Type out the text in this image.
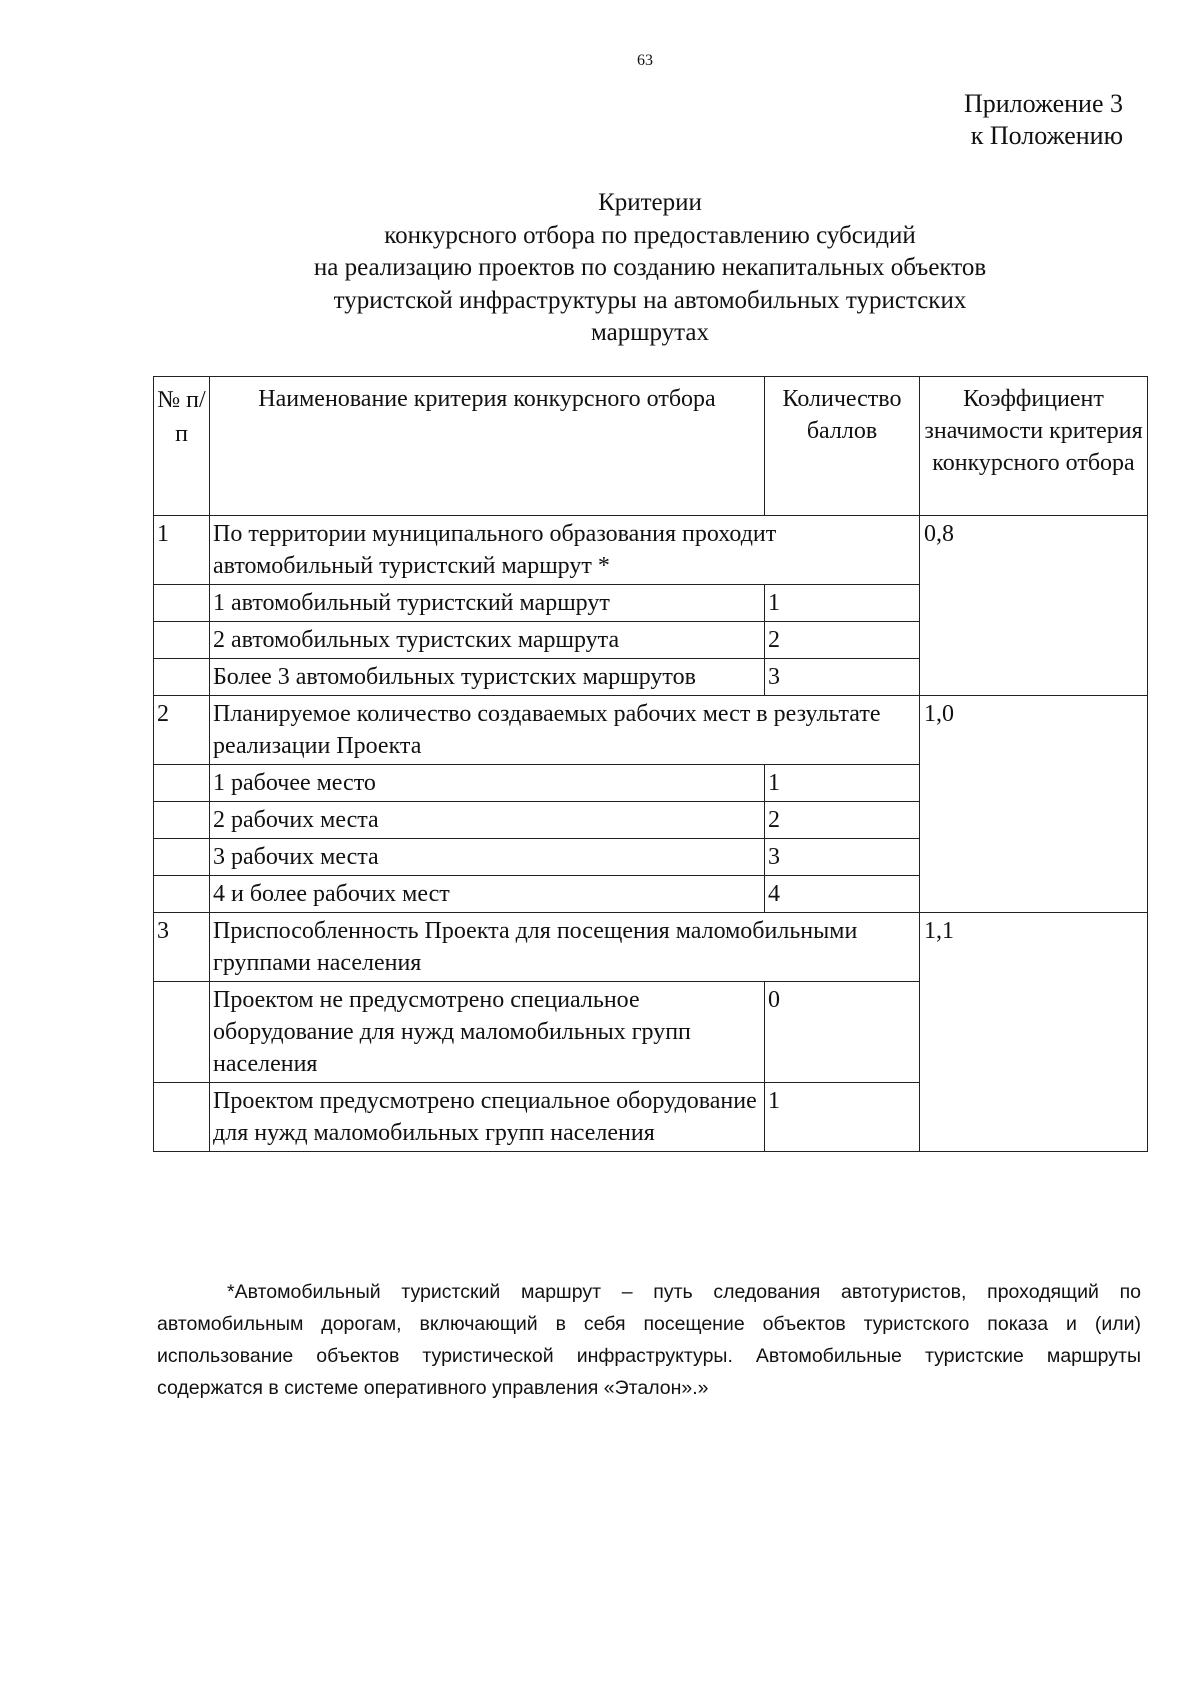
63
Приложение 3
к Положению
Критерии
конкурсного отбора по предоставлению субсидий
на реализацию проектов по созданию некапитальных объектов
туристской инфраструктуры на автомобильных туристских
маршрутах
№ п/п	Наименование критерия конкурсного отбора	Количество баллов	Коэффициент значимости критерия конкурсного отбора
1	По территории муниципального образования проходит автомобильный туристский маршрут *		0,8
	1 автомобильный туристский маршрут	1	
	2 автомобильных туристских маршрута	2	
	Более 3 автомобильных туристских маршрутов	3	
2	Планируемое количество создаваемых рабочих мест в результате реализации Проекта		1,0
	1 рабочее место	1	
	2 рабочих места	2	
	3 рабочих места	3	
	4 и более рабочих мест	4	
3	Приспособленность Проекта для посещения маломобильными группами населения		1,1
	Проектом не предусмотрено специальное оборудование для нужд маломобильных групп населения	0	
	Проектом предусмотрено специальное оборудование для нужд маломобильных групп населения	1	
*Автомобильный туристский маршрут – путь следования автотуристов, проходящий по автомобильным дорогам, включающий в себя посещение объектов туристского показа и (или) использование объектов туристической инфраструктуры. Автомобильные туристские маршруты содержатся в системе оперативного управления «Эталон».»
